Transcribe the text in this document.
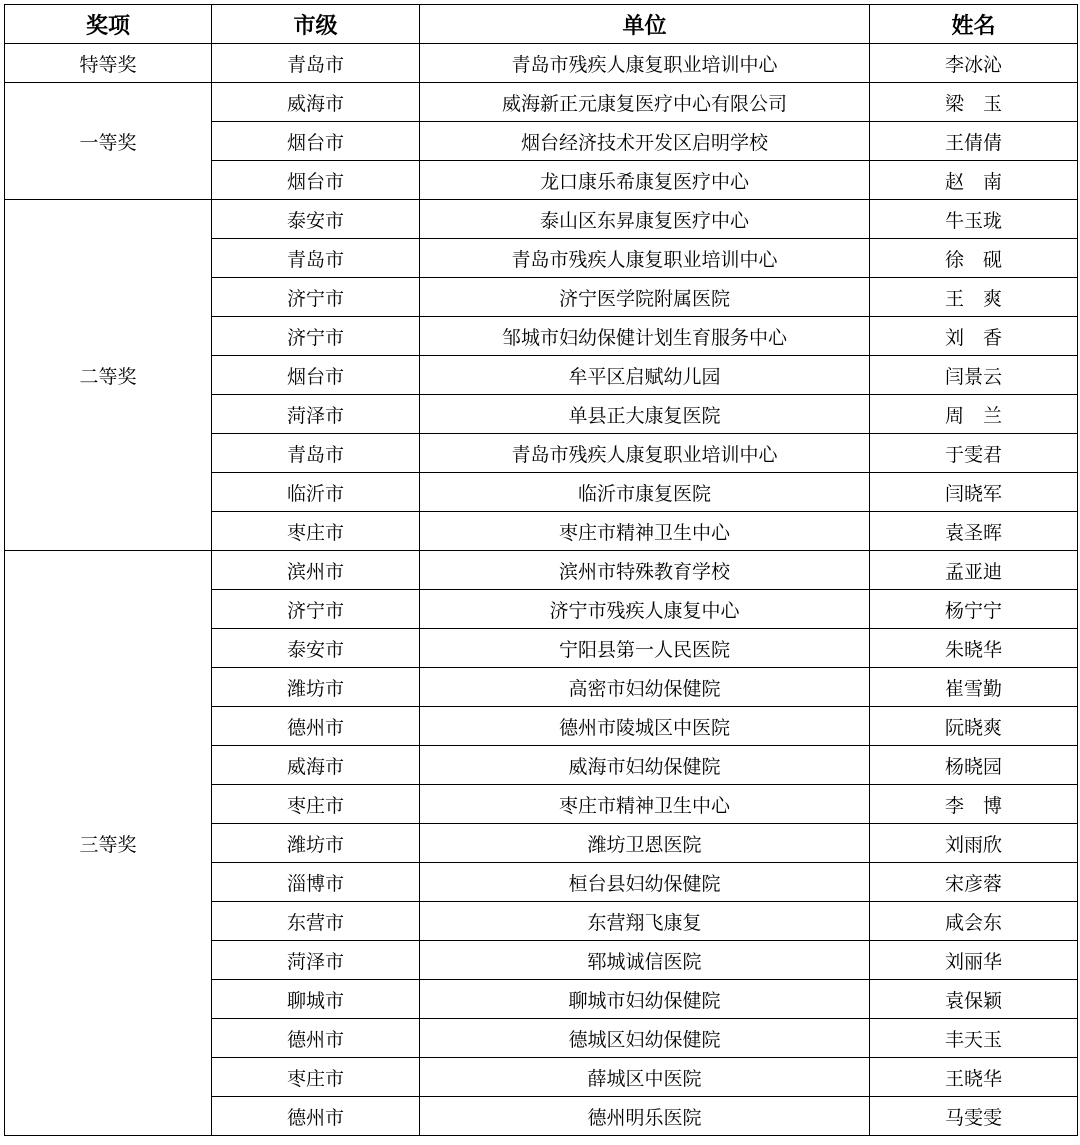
奖项	市级	单位	姓名
特等奖	青岛市	青岛市残疾人康复职业培训中心	李冰沁
一等奖	威海市	威海新正元康复医疗中心有限公司	梁　玉
	烟台市	烟台经济技术开发区启明学校	王倩倩
	烟台市	龙口康乐希康复医疗中心	赵　南
二等奖	泰安市	泰山区东昇康复医疗中心	牛玉珑
	青岛市	青岛市残疾人康复职业培训中心	徐　砚
	济宁市	济宁医学院附属医院	王　爽
	济宁市	邹城市妇幼保健计划生育服务中心	刘　香
	烟台市	牟平区启赋幼儿园	闫景云
	菏泽市	单县正大康复医院	周　兰
	青岛市	青岛市残疾人康复职业培训中心	于雯君
	临沂市	临沂市康复医院	闫晓军
	枣庄市	枣庄市精神卫生中心	袁圣晖
三等奖	滨州市	滨州市特殊教育学校	孟亚迪
	济宁市	济宁市残疾人康复中心	杨宁宁
	泰安市	宁阳县第一人民医院	朱晓华
	潍坊市	高密市妇幼保健院	崔雪勤
	德州市	德州市陵城区中医院	阮晓爽
	威海市	威海市妇幼保健院	杨晓园
	枣庄市	枣庄市精神卫生中心	李　博
	潍坊市	潍坊卫恩医院	刘雨欣
	淄博市	桓台县妇幼保健院	宋彦蓉
	东营市	东营翔飞康复	咸会东
	菏泽市	郓城诚信医院	刘丽华
	聊城市	聊城市妇幼保健院	袁保颖
	德州市	德城区妇幼保健院	丰天玉
	枣庄市	薛城区中医院	王晓华
	德州市	德州明乐医院	马雯雯
